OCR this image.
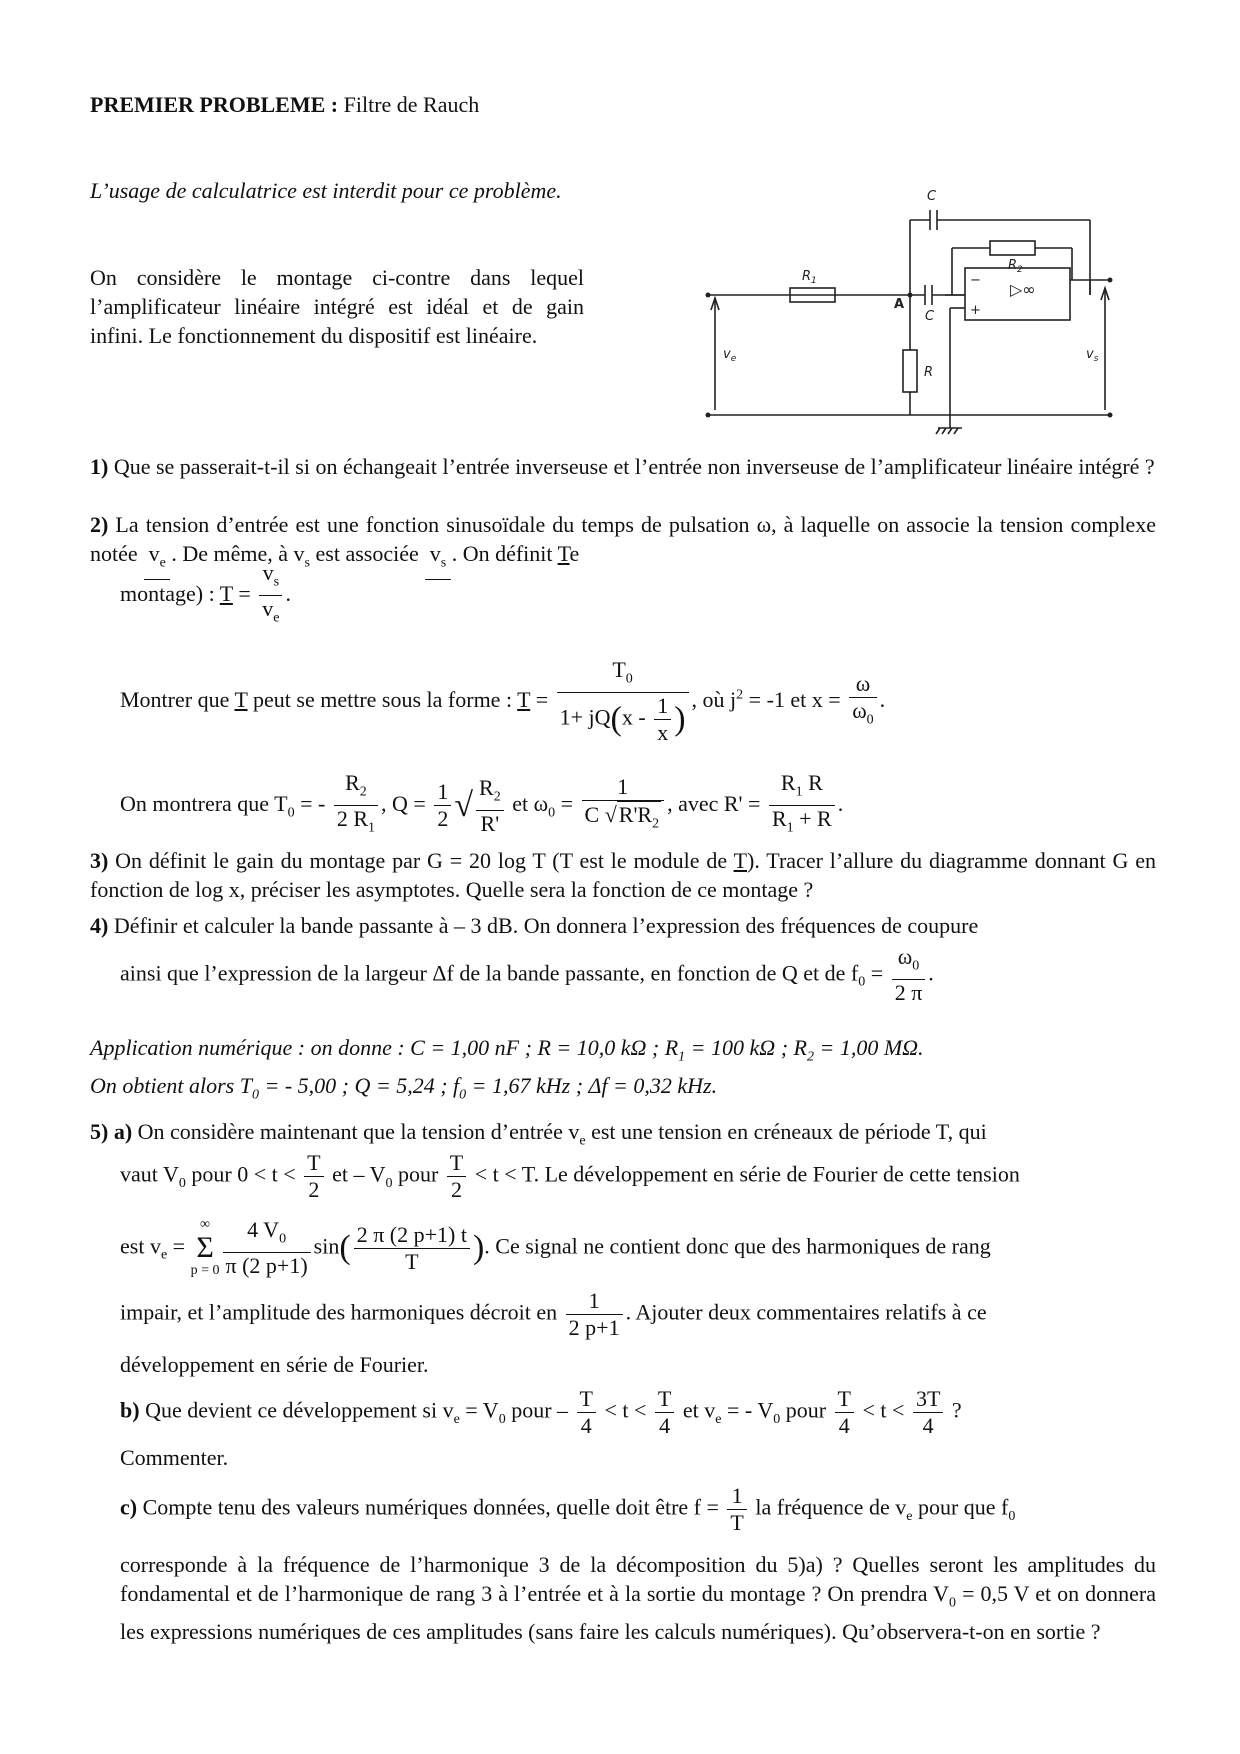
PREMIER PROBLEME : Filtre de Rauch
L’usage de calculatrice est interdit pour ce problème.
On considère le montage ci-contre dans lequel l’amplificateur linéaire intégré est idéal et de gain infini. Le fonctionnement du dispositif est linéaire.
C
$R_2$
$R_1$
A
C
R
$v_e$	$v_s$
−
+
▷∞
1) Que se passerait-t-il si on échangeait l’entrée inverseuse et l’entrée non inverseuse de l’amplificateur linéaire intégré ?
2) La tension d’entrée est une fonction sinusoïdale du temps de pulsation ω, à laquelle on associe la tension complexe notée  $v_e$ . De même, à $v_s$ est associée  $v_s$ . On définit Te
montage) : $T = \frac{v_s}{v_e}$ .
Montrer que T peut se mettre sous la forme : $T = \frac{T_0}{1+ jQ(x - \frac{1}{x} )}$ , où $j^2 = -1$ et $x = \frac{\omega}{\omega_0}$ .
On montrera que $T_0$ = - $\frac{R_2}{2 R_1}$ , $Q = \frac{1}{2}$ √ $\frac{R_2}{R'}$ et $\omega_0 = \frac{1}{C √R'R_2}$ , avec $R' = \frac{R_1 R}{R_1 + R}$ .
3) On définit le gain du montage par G = 20 log T (T est le module de T). Tracer l’allure du diagramme donnant G en fonction de log x, préciser les asymptotes. Quelle sera la fonction de ce montage ?
4) Définir et calculer la bande passante à – 3 dB. On donnera l’expression des fréquences de coupure
ainsi que l’expression de la largeur Δf de la bande passante, en fonction de Q et de $f_0 = \frac{\omega_0}{2 \pi}$ .
Application numérique : on donne : C = 1,00 nF ; R = 10,0 kΩ ; $R_1 = 100$ kΩ ; $R_2 = 1,00$ MΩ.
On obtient alors $T_0$ = - 5,00 ; Q = 5,24 ; $f_0 = 1,67$ kHz ; Δf = 0,32 kHz.
5) a) On considère maintenant que la tension d’entrée $v_e$ est une tension en créneaux de période T, qui
vaut $V_0$ pour $0 < t < \frac{T}{2}$ et – $V_0$ pour $\frac{T}{2} < t < T$. Le développement en série de Fourier de cette tension
est $v_e$ =
∞
Σ
$p = 0 \frac{4 V_0}{\pi (2 p+1)} \sin( \frac{2 \pi (2 p+1) t}{T}$ ). Ce signal ne contient donc que des harmoniques de rang
impair, et l’amplitude des harmoniques décroit en $\frac{1}{2 p+1}$ . Ajouter deux commentaires relatifs à ce
développement en série de Fourier.
b) Que devient ce développement si $v_e = V_0$ pour – $\frac{T}{4} < t < \frac{T}{4}$ et $v_e$ = - $V_0$ pour $\frac{T}{4} < t < \frac{3T}{4}$ ?
Commenter.
c) Compte tenu des valeurs numériques données, quelle doit être $f = \frac{1}{T}$ la fréquence de $v_e$ pour que $f_0$
corresponde à la fréquence de l’harmonique 3 de la décomposition du 5)a) ? Quelles seront les amplitudes du fondamental et de l’harmonique de rang 3 à l’entrée et à la sortie du montage ? On prendra $V_0 = 0,5$ V et on donnera les expressions numériques de ces amplitudes (sans faire les calculs numériques). Qu’observera-t-on en sortie ?
